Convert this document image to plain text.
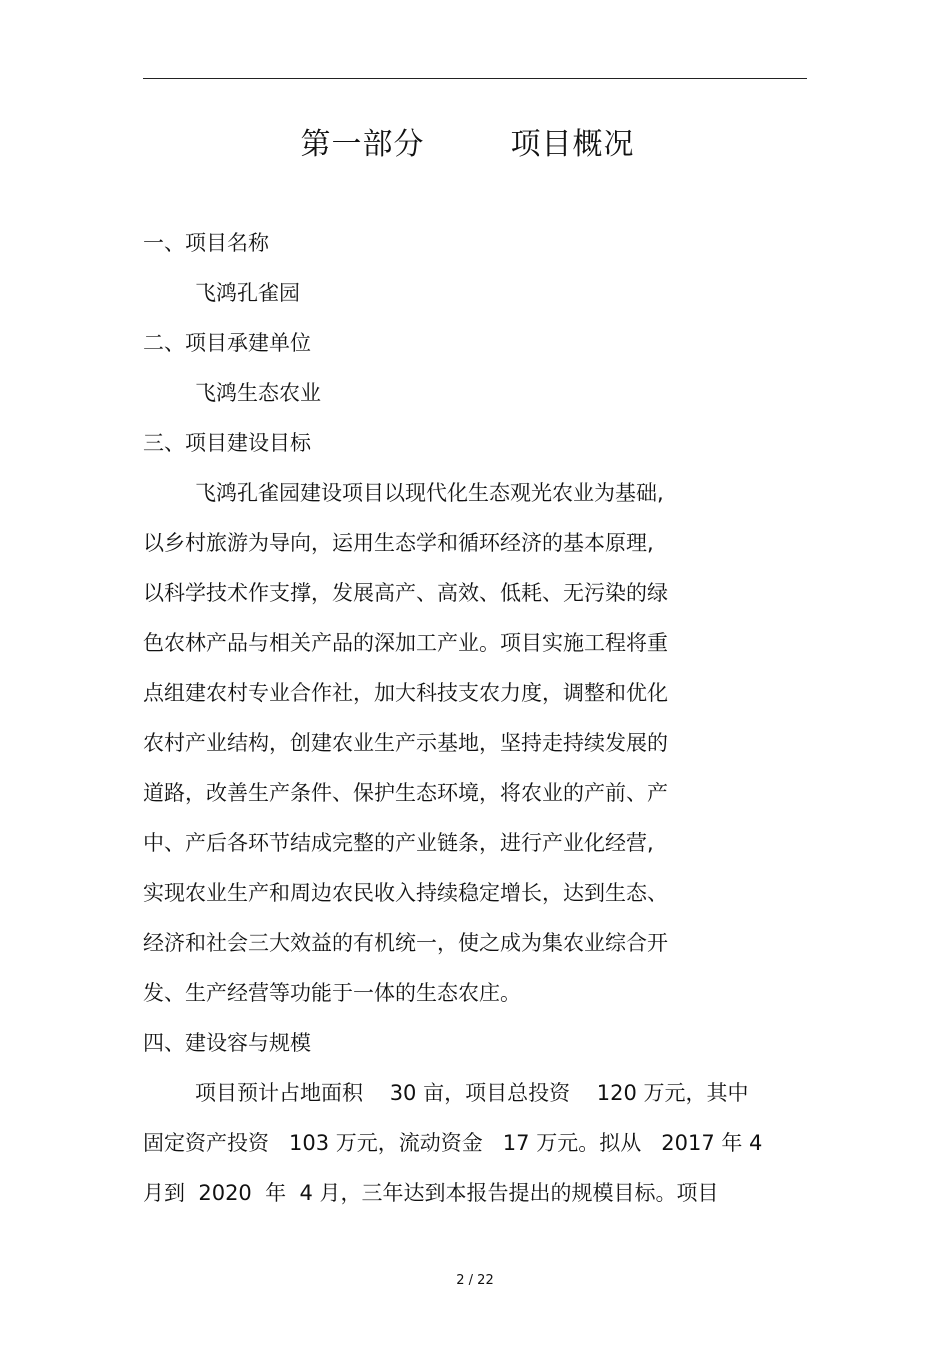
第一部分	项目概况
一、项目名称
飞鸿孔雀园
二、项目承建单位
飞鸿生态农业
三、项目建设目标
飞鸿孔雀园建设项目以现代化生态观光农业为基础,
以乡村旅游为导向，运用生态学和循环经济的基本原理,
以科学技术作支撑，发展高产、高效、低耗、无污染的绿
色农林产品与相关产品的深加工产业。项目实施工程将重
点组建农村专业合作社，加大科技支农力度，调整和优化
农村产业结构，创建农业生产示基地，坚持走持续发展的
道路，改善生产条件、保护生态环境，将农业的产前、产
中、产后各环节结成完整的产业链条，进行产业化经营,
实现农业生产和周边农民收入持续稳定增长，达到生态、
经济和社会三大效益的有机统一，使之成为集农业综合开
发、生产经营等功能于一体的生态农庄。
四、建设容与规模
项目预计占地面积    30 亩，项目总投资    120 万元，其中
固定资产投资   103 万元，流动资金   17 万元。拟从   2017 年 4
月到  2020  年  4 月，三年达到本报告提出的规模目标。项目
2 / 22
